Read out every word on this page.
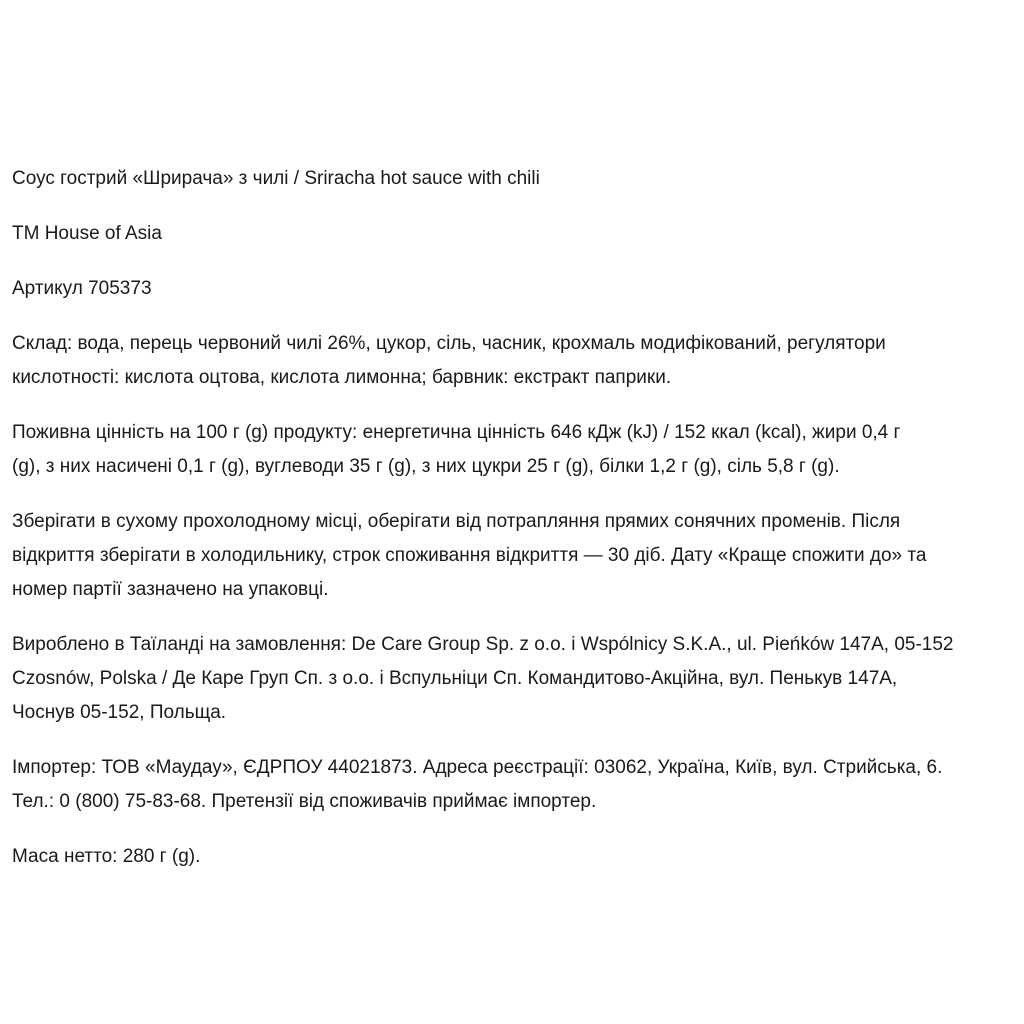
Соус гострий «Шрирача» з чилі / Sriracha hot sauce with chili

TM House of Asia

Артикул 705373

Склад: вода, перець червоний чилі 26%, цукор, сіль, часник, крохмаль модифікований, регулятори
кислотності: кислота оцтова, кислота лимонна; барвник: екстракт паприки.

Поживна цінність на 100 г (g) продукту: енергетична цінність 646 кДж (kJ) / 152 ккал (kcal), жири 0,4 г
(g), з них насичені 0,1 г (g), вуглеводи 35 г (g), з них цукри 25 г (g), білки 1,2 г (g), сіль 5,8 г (g).

Зберігати в сухому прохолодному місці, оберігати від потрапляння прямих сонячних променів. Після
відкриття зберігати в холодильнику, строк споживання відкриття — 30 діб. Дату «Краще спожити до» та
номер партії зазначено на упаковці.

Вироблено в Таїланді на замовлення: De Care Group Sp. z o.o. i Wspólnicy S.K.A., ul. Pieńków 147A, 05-152
Czosnów, Polska / Де Каре Груп Сп. з о.о. і Вспульніци Сп. Командитово-Акційна, вул. Пенькув 147А,
Чоснув 05-152, Польща.

Імпортер: ТОВ «Маудау», ЄДРПОУ 44021873. Адреса реєстрації: 03062, Україна, Київ, вул. Стрийська, 6.
Тел.: 0 (800) 75-83-68. Претензії від споживачів приймає імпортер.

Маса нетто: 280 г (g).
